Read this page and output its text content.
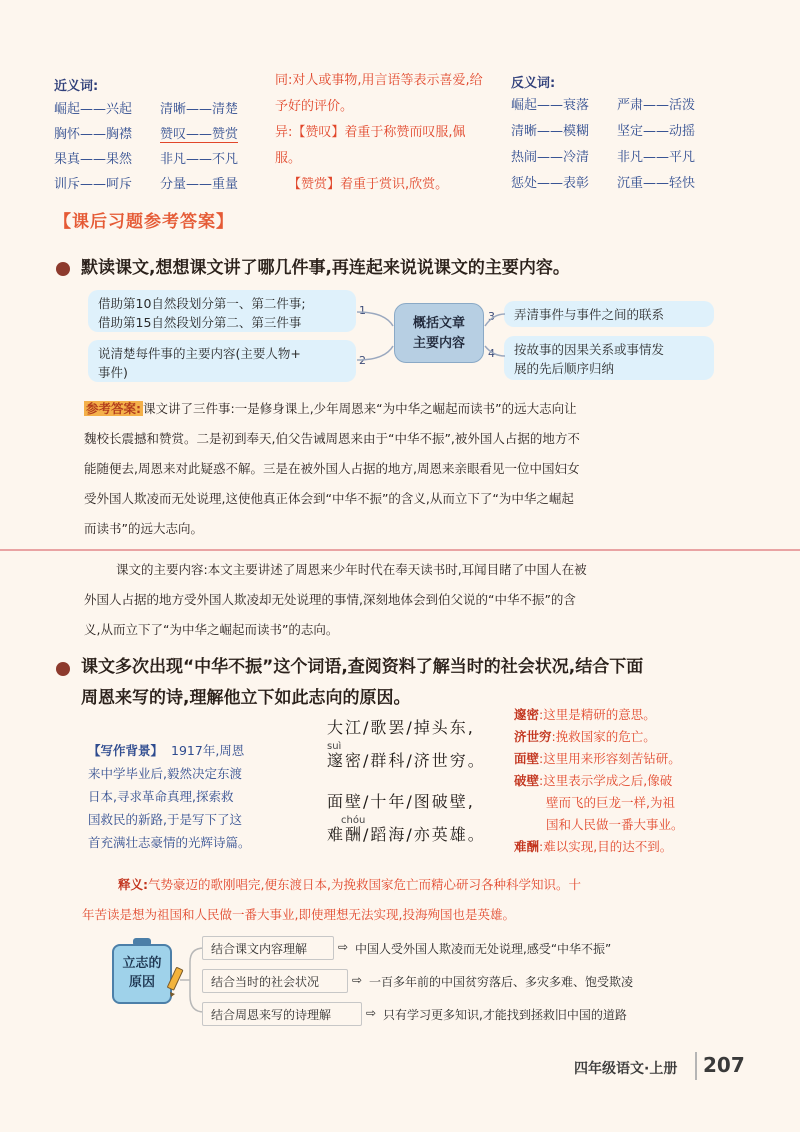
近义词:
崛起——兴起 清晰——清楚
胸怀——胸襟 赞叹——赞赏
果真——果然 非凡——不凡
训斥——呵斥 分量——重量
同:对人或事物,用言语等表示喜爱,给予好的评价。
异:【赞叹】着重于称赞而叹服,佩服。
【赞赏】着重于赏识,欣赏。
反义词:
崛起——衰落 严肃——活泼
清晰——模糊 坚定——动摇
热闹——冷清 非凡——平凡
惩处——表彰 沉重——轻快
【课后习题参考答案】
默读课文,想想课文讲了哪几件事,再连起来说说课文的主要内容。
借助第10自然段划分第一、第二件事;
借助第15自然段划分第二、第三件事
说清楚每件事的主要内容(主要人物+
事件)
1
2
概括文章
主要内容
3
4
弄清事件与事件之间的联系
按故事的因果关系或事情发
展的先后顺序归纳
参考答案: 课文讲了三件事:一是修身课上,少年周恩来“为中华之崛起而读书”的远大志向让
魏校长震撼和赞赏。二是初到奉天,伯父告诫周恩来由于“中华不振”,被外国人占据的地方不
能随便去,周恩来对此疑惑不解。三是在被外国人占据的地方,周恩来亲眼看见一位中国妇女
受外国人欺凌而无处说理,这使他真正体会到“中华不振”的含义,从而立下了“为中华之崛起
而读书”的远大志向。
课文的主要内容:本文主要讲述了周恩来少年时代在奉天读书时,耳闻目睹了中国人在被
外国人占据的地方受外国人欺凌却无处说理的事情,深刻地体会到伯父说的“中华不振”的含
义,从而立下了“为中华之崛起而读书”的志向。
课文多次出现“中华不振”这个词语,查阅资料了解当时的社会状况,结合下面
周恩来写的诗,理解他立下如此志向的原因。
【写作背景】 1917年,周恩
来中学毕业后,毅然决定东渡
日本,寻求革命真理,探索救
国救民的新路,于是写下了这
首充满壮志豪情的光辉诗篇。
大江/歌罢/掉头东,
suì
邃密/群科/济世穷。
面壁/十年/图破壁,
chóu
难酬/蹈海/亦英雄。
邃密:这里是精研的意思。
济世穷:挽救国家的危亡。
面壁:这里用来形容刻苦钻研。
破壁:这里表示学成之后,像破
壁而飞的巨龙一样,为祖
国和人民做一番大事业。
难酬:难以实现,目的达不到。
释义:气势豪迈的歌刚唱完,便东渡日本,为挽救国家危亡而精心研习各种科学知识。十
年苦读是想为祖国和人民做一番大事业,即使理想无法实现,投海殉国也是英雄。
立志的
原因
结合课文内容理解	⇨ 中国人受外国人欺凌而无处说理,感受“中华不振”
结合当时的社会状况	⇨ 一百多年前的中国贫穷落后、多灾多难、饱受欺凌
结合周恩来写的诗理解	⇨ 只有学习更多知识,才能找到拯救旧中国的道路
四年级语文·上册 207
